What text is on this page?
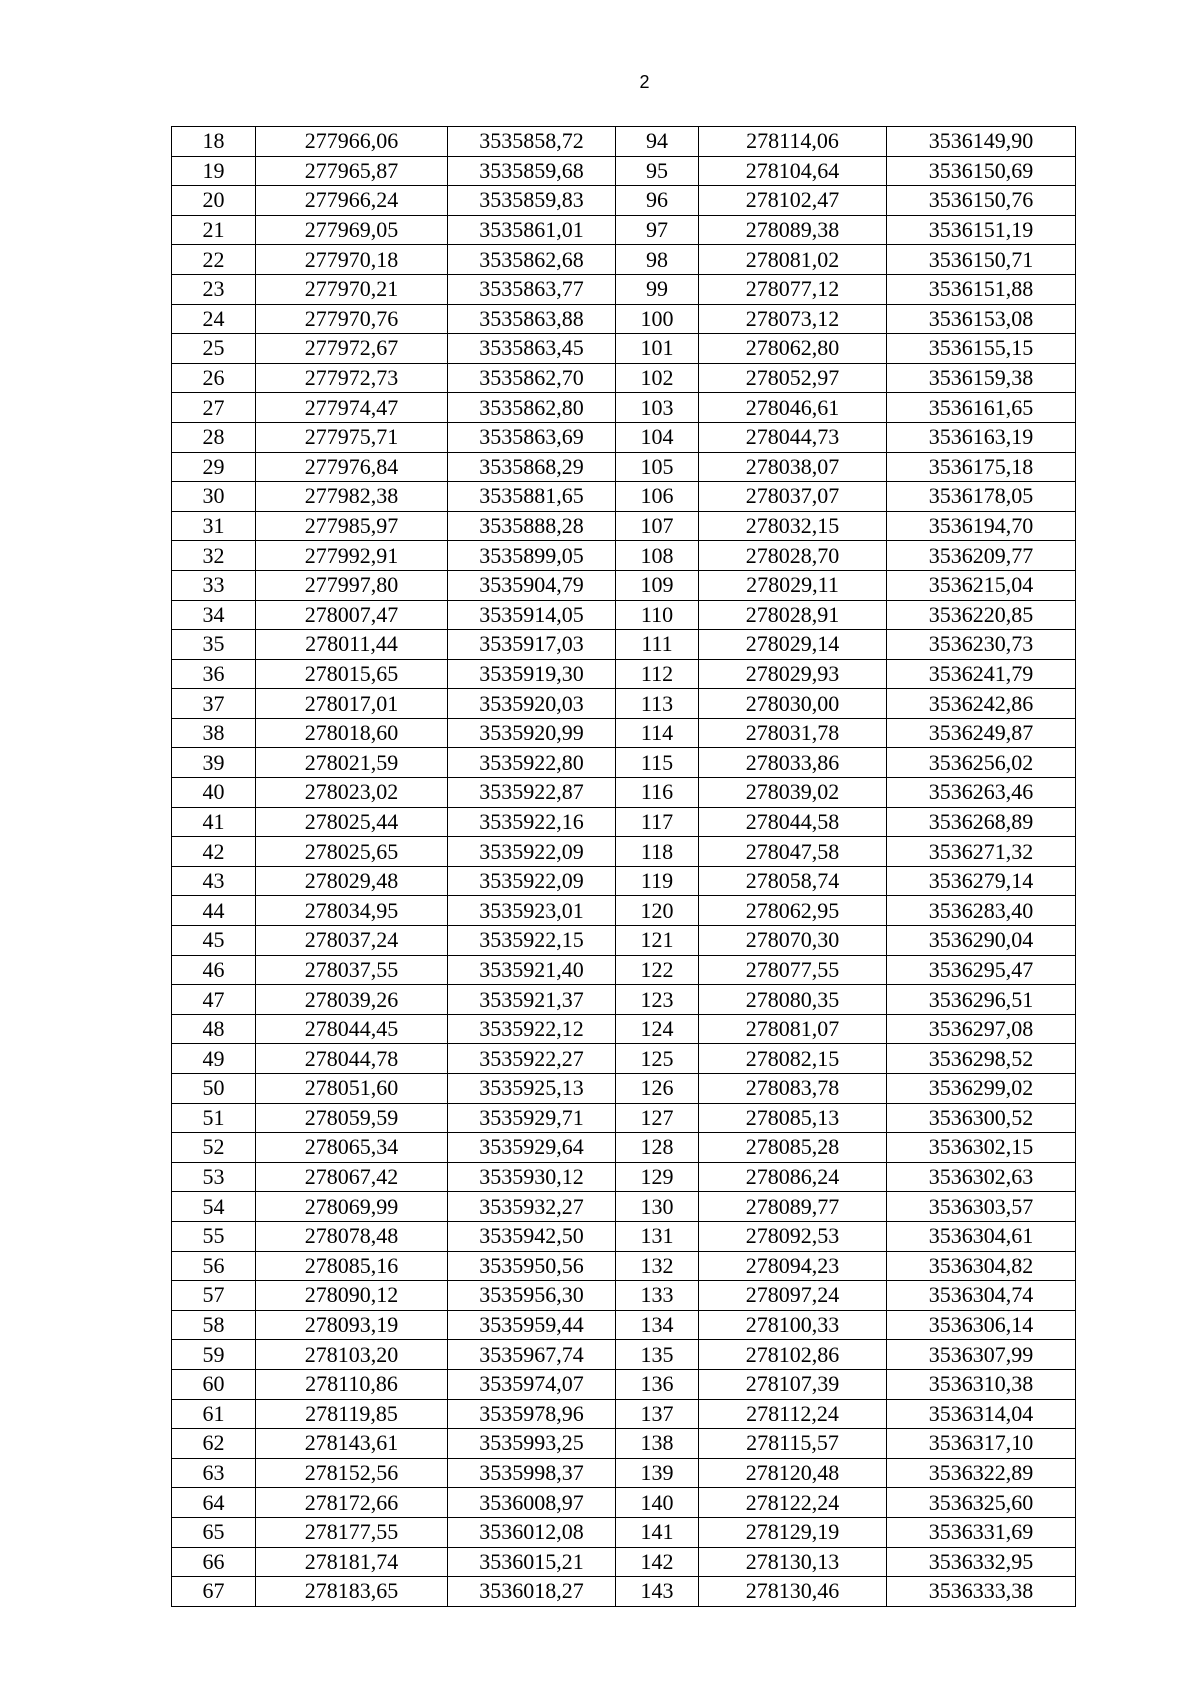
2
18	277966,06	3535858,72	94	278114,06	3536149,90
19	277965,87	3535859,68	95	278104,64	3536150,69
20	277966,24	3535859,83	96	278102,47	3536150,76
21	277969,05	3535861,01	97	278089,38	3536151,19
22	277970,18	3535862,68	98	278081,02	3536150,71
23	277970,21	3535863,77	99	278077,12	3536151,88
24	277970,76	3535863,88	100	278073,12	3536153,08
25	277972,67	3535863,45	101	278062,80	3536155,15
26	277972,73	3535862,70	102	278052,97	3536159,38
27	277974,47	3535862,80	103	278046,61	3536161,65
28	277975,71	3535863,69	104	278044,73	3536163,19
29	277976,84	3535868,29	105	278038,07	3536175,18
30	277982,38	3535881,65	106	278037,07	3536178,05
31	277985,97	3535888,28	107	278032,15	3536194,70
32	277992,91	3535899,05	108	278028,70	3536209,77
33	277997,80	3535904,79	109	278029,11	3536215,04
34	278007,47	3535914,05	110	278028,91	3536220,85
35	278011,44	3535917,03	111	278029,14	3536230,73
36	278015,65	3535919,30	112	278029,93	3536241,79
37	278017,01	3535920,03	113	278030,00	3536242,86
38	278018,60	3535920,99	114	278031,78	3536249,87
39	278021,59	3535922,80	115	278033,86	3536256,02
40	278023,02	3535922,87	116	278039,02	3536263,46
41	278025,44	3535922,16	117	278044,58	3536268,89
42	278025,65	3535922,09	118	278047,58	3536271,32
43	278029,48	3535922,09	119	278058,74	3536279,14
44	278034,95	3535923,01	120	278062,95	3536283,40
45	278037,24	3535922,15	121	278070,30	3536290,04
46	278037,55	3535921,40	122	278077,55	3536295,47
47	278039,26	3535921,37	123	278080,35	3536296,51
48	278044,45	3535922,12	124	278081,07	3536297,08
49	278044,78	3535922,27	125	278082,15	3536298,52
50	278051,60	3535925,13	126	278083,78	3536299,02
51	278059,59	3535929,71	127	278085,13	3536300,52
52	278065,34	3535929,64	128	278085,28	3536302,15
53	278067,42	3535930,12	129	278086,24	3536302,63
54	278069,99	3535932,27	130	278089,77	3536303,57
55	278078,48	3535942,50	131	278092,53	3536304,61
56	278085,16	3535950,56	132	278094,23	3536304,82
57	278090,12	3535956,30	133	278097,24	3536304,74
58	278093,19	3535959,44	134	278100,33	3536306,14
59	278103,20	3535967,74	135	278102,86	3536307,99
60	278110,86	3535974,07	136	278107,39	3536310,38
61	278119,85	3535978,96	137	278112,24	3536314,04
62	278143,61	3535993,25	138	278115,57	3536317,10
63	278152,56	3535998,37	139	278120,48	3536322,89
64	278172,66	3536008,97	140	278122,24	3536325,60
65	278177,55	3536012,08	141	278129,19	3536331,69
66	278181,74	3536015,21	142	278130,13	3536332,95
67	278183,65	3536018,27	143	278130,46	3536333,38
